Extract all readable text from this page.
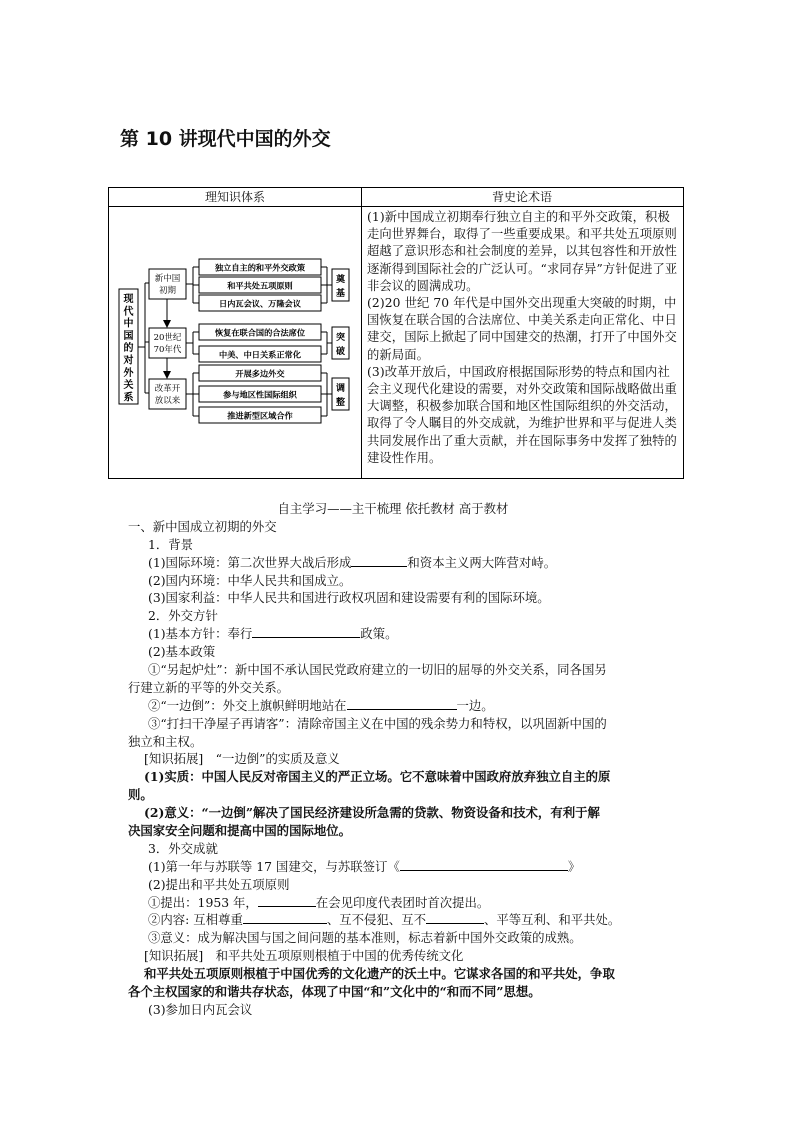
第 10 讲现代中国的外交
理知识体系	背史论术语
现
代
中
国
的
对
外
关
系
新中国
初期
20世纪
70年代
改革开
放以来
独立自主的和平外交政策
和平共处五项原则
日内瓦会议、万隆会议
恢复在联合国的合法席位
中美、中日关系正常化
开展多边外交
参与地区性国际组织
推进新型区域合作
奠
基
突
破
调
整

(1)新中国成立初期奉行独立自主的和平外交政策，积极走向世界舞台，取得了一些重要成果。和平共处五项原则超越了意识形态和社会制度的差异，以其包容性和开放性逐渐得到国际社会的广泛认可。“求同存异”方针促进了亚非会议的圆满成功。

(2)20 世纪 70 年代是中国外交出现重大突破的时期，中国恢复在联合国的合法席位、中美关系走向正常化、中日建交，国际上掀起了同中国建交的热潮，打开了中国外交的新局面。

(3)改革开放后，中国政府根据国际形势的特点和国内社会主义现代化建设的需要，对外交政策和国际战略做出重大调整，积极参加联合国和地区性国际组织的外交活动，取得了令人瞩目的外交成就，为维护世界和平与促进人类共同发展作出了重大贡献，并在国际事务中发挥了独特的建设性作用。

自主学习——主干梳理 依托教材 高于教材
一、新中国成立初期的外交
1．背景
(1)国际环境：第二次世界大战后形成	和资本主义两大阵营对峙。
(2)国内环境：中华人民共和国成立。
(3)国家利益：中华人民共和国进行政权巩固和建设需要有利的国际环境。
2．外交方针
(1)基本方针：奉行	政策。
(2)基本政策
①“另起炉灶”：新中国不承认国民党政府建立的一切旧的屈辱的外交关系，同各国另
行建立新的平等的外交关系。
②“一边倒”：外交上旗帜鲜明地站在	一边。
③“打扫干净屋子再请客”：清除帝国主义在中国的残余势力和特权，以巩固新中国的
独立和主权。
[知识拓展]　“一边倒”的实质及意义
(1)实质：中国人民反对帝国主义的严正立场。它不意味着中国政府放弃独立自主的原
则。
(2)意义：“一边倒”解决了国民经济建设所急需的贷款、物资设备和技术，有利于解
决国家安全问题和提高中国的国际地位。
3．外交成就
(1)第一年与苏联等 17 国建交，与苏联签订《	》
(2)提出和平共处五项原则
①提出：1953 年，	在会见印度代表团时首次提出。
②内容: 互相尊重	、互不侵犯、互不	、平等互利、和平共处。
③意义：成为解决国与国之间问题的基本准则，标志着新中国外交政策的成熟。
[知识拓展]　和平共处五项原则根植于中国的优秀传统文化
和平共处五项原则根植于中国优秀的文化遗产的沃土中。它谋求各国的和平共处，争取
各个主权国家的和谐共存状态，体现了中国“和”文化中的“和而不同”思想。
(3)参加日内瓦会议
